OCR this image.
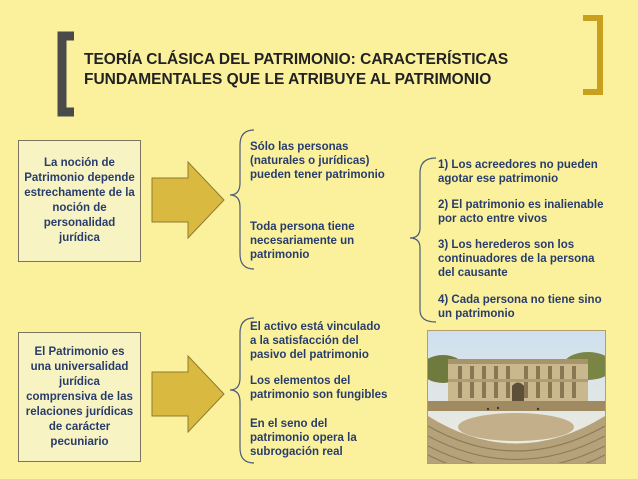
TEORÍA CLÁSICA DEL PATRIMONIO: CARACTERÍSTICAS FUNDAMENTALES QUE LE ATRIBUYE AL PATRIMONIO
La noción de Patrimonio depende estrechamente de la noción de personalidad jurídica
El Patrimonio es una universalidad jurídica comprensiva de las relaciones jurídicas de carácter pecuniario
Sólo las personas
(naturales o jurídicas)
pueden tener patrimonio
Toda persona tiene
necesariamente un
patrimonio
El activo está vinculado
a la satisfacción del
pasivo del patrimonio
Los elementos del
patrimonio son fungibles
En el seno del
patrimonio opera la
subrogación real
1) Los acreedores no pueden
agotar ese patrimonio
2) El patrimonio es inalienable
por acto entre vivos
3) Los herederos son los
continuadores de la persona
del causante
4) Cada persona no tiene sino
un patrimonio
